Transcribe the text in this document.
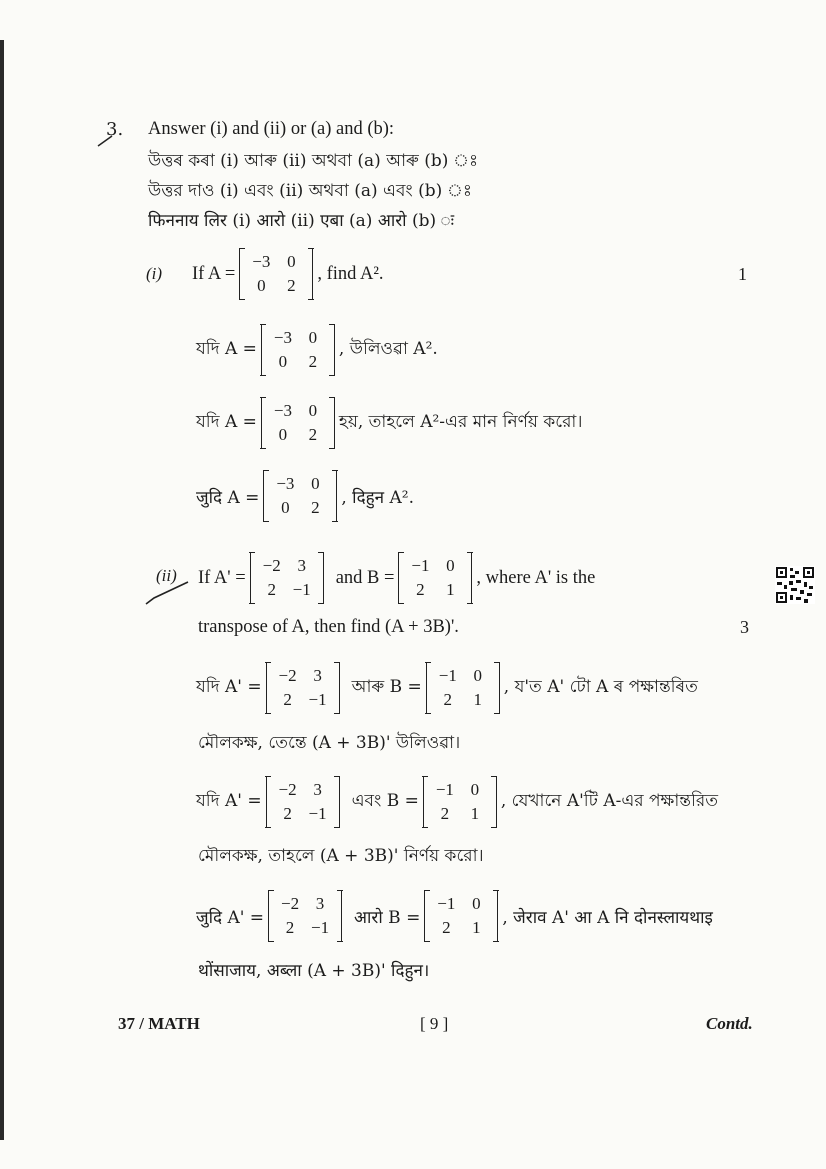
3. Answer (i) and (ii) or (a) and (b):
উত্তৰ কৰা (i) আৰু (ii) অথবা (a) আৰু (b) ঃ
উত্তর দাও (i) এবং (ii) অথবা (a) এবং (b) ঃ
फिननाय लिर (i) आरो (ii) एबा (a) आरो (b) ः
(i) If A =
−3 0
0	2
, find A².	1
যদি A =
−3 0
0	2
, উলিওৱা A².
যদি A =
−3 0
0	2
হয়, তাহলে A²-এর মান নির্ণয় করো।
जुदि A =
−3 0
0	2	, दिहुन A².
(ii) If A' =
−2 3
2 −1
and B =
−1 0
2	1
, where A' is the
transpose of A, then find (A + 3B)'.	3
যদি A' =
−2 3
2 −1
আৰু B =
−1 0
2	1
, য'ত A' টো A ৰ পক্ষান্তৰিত
মৌলকক্ষ, তেন্তে (A + 3B)' উলিওৱা।
যদি A' =
−2 3
2 −1
এবং B =
−1 0
2	1
, যেখানে A'টি A-এর পক্ষান্তরিত
মৌলকক্ষ, তাহলে (A + 3B)' নির্ণয় করো।
जुदि A' =
−2 3
2 −1	आरो B =
−1 0
2	1	, जेराव A' आ A नि दोनस्लायथाइ
थोंसाजाय, अब्ला (A + 3B)' दिहुन।
37 / MATH	[ 9 ]	Contd.
